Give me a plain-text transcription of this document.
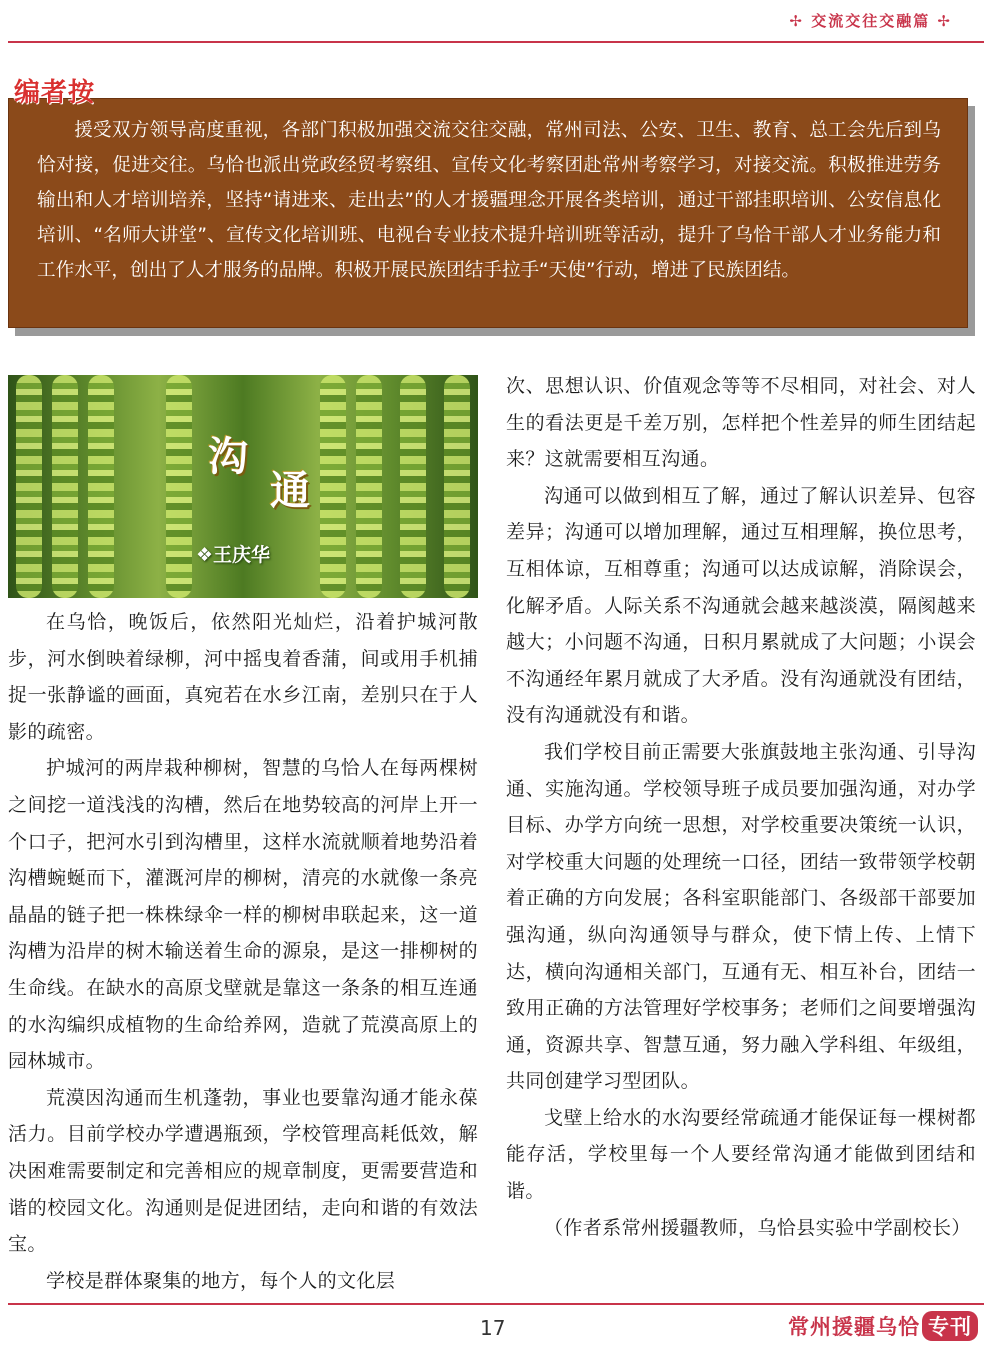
✢ 交流交往交融篇 ✢
编者按

援受双方领导高度重视，各部门积极加强交流交往交融，常州司法、公安、卫生、教育、总工会先后到乌恰对接，促进交往。乌恰也派出党政经贸考察组、宣传文化考察团赴常州考察学习，对接交流。积极推进劳务输出和人才培训培养，坚持“请进来、走出去”的人才援疆理念开展各类培训，通过干部挂职培训、公安信息化培训、“名师大讲堂”、宣传文化培训班、电视台专业技术提升培训班等活动，提升了乌恰干部人才业务能力和工作水平，创出了人才服务的品牌。积极开展民族团结手拉手“天使”行动，增进了民族团结。

沟
通
❖王庆华

在乌恰，晚饭后，依然阳光灿烂，沿着护城河散步，河水倒映着绿柳，河中摇曳着香蒲，间或用手机捕捉一张静谧的画面，真宛若在水乡江南，差别只在于人影的疏密。

护城河的两岸栽种柳树，智慧的乌恰人在每两棵树之间挖一道浅浅的沟槽，然后在地势较高的河岸上开一个口子，把河水引到沟槽里，这样水流就顺着地势沿着沟槽蜿蜒而下，灌溉河岸的柳树，清亮的水就像一条亮晶晶的链子把一株株绿伞一样的柳树串联起来，这一道沟槽为沿岸的树木输送着生命的源泉，是这一排柳树的生命线。在缺水的高原戈壁就是靠这一条条的相互连通的水沟编织成植物的生命给养网，造就了荒漠高原上的园林城市。

荒漠因沟通而生机蓬勃，事业也要靠沟通才能永葆活力。目前学校办学遭遇瓶颈，学校管理高耗低效，解决困难需要制定和完善相应的规章制度，更需要营造和谐的校园文化。沟通则是促进团结，走向和谐的有效法宝。

学校是群体聚集的地方，每个人的文化层

次、思想认识、价值观念等等不尽相同，对社会、对人生的看法更是千差万别，怎样把个性差异的师生团结起来？这就需要相互沟通。

沟通可以做到相互了解，通过了解认识差异、包容差异；沟通可以增加理解，通过互相理解，换位思考，互相体谅，互相尊重；沟通可以达成谅解，消除误会，化解矛盾。人际关系不沟通就会越来越淡漠，隔阂越来越大；小问题不沟通，日积月累就成了大问题；小误会不沟通经年累月就成了大矛盾。没有沟通就没有团结，没有沟通就没有和谐。

我们学校目前正需要大张旗鼓地主张沟通、引导沟通、实施沟通。学校领导班子成员要加强沟通，对办学目标、办学方向统一思想，对学校重要决策统一认识，对学校重大问题的处理统一口径，团结一致带领学校朝着正确的方向发展；各科室职能部门、各级部干部要加强沟通，纵向沟通领导与群众，使下情上传、上情下达，横向沟通相关部门，互通有无、相互补台，团结一致用正确的方法管理好学校事务；老师们之间要增强沟通，资源共享、智慧互通，努力融入学科组、年级组，共同创建学习型团队。

戈壁上给水的水沟要经常疏通才能保证每一棵树都能存活，学校里每一个人要经常沟通才能做到团结和谐。

（作者系常州援疆教师，乌恰县实验中学副校长）

17	常州援疆乌恰 专刊
